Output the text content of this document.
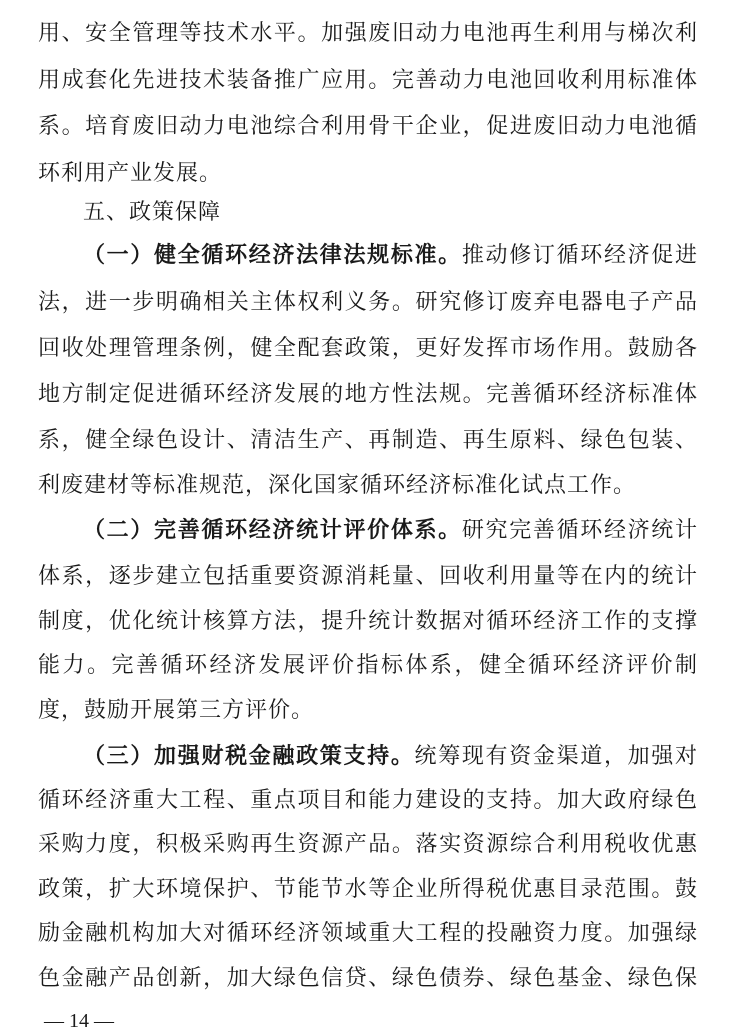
用、安全管理等技术水平。加强废旧动力电池再生利用与梯次利
用成套化先进技术装备推广应用。完善动力电池回收利用标准体
系。培育废旧动力电池综合利用骨干企业，促进废旧动力电池循
环利用产业发展。
五、政策保障
（一）健全循环经济法律法规标准。推动修订循环经济促进
法，进一步明确相关主体权利义务。研究修订废弃电器电子产品
回收处理管理条例，健全配套政策，更好发挥市场作用。鼓励各
地方制定促进循环经济发展的地方性法规。完善循环经济标准体
系，健全绿色设计、清洁生产、再制造、再生原料、绿色包装、
利废建材等标准规范，深化国家循环经济标准化试点工作。
（二）完善循环经济统计评价体系。研究完善循环经济统计
体系，逐步建立包括重要资源消耗量、回收利用量等在内的统计
制度，优化统计核算方法，提升统计数据对循环经济工作的支撑
能力。完善循环经济发展评价指标体系，健全循环经济评价制
度，鼓励开展第三方评价。
（三）加强财税金融政策支持。统筹现有资金渠道，加强对
循环经济重大工程、重点项目和能力建设的支持。加大政府绿色
采购力度，积极采购再生资源产品。落实资源综合利用税收优惠
政策，扩大环境保护、节能节水等企业所得税优惠目录范围。鼓
励金融机构加大对循环经济领域重大工程的投融资力度。加强绿
色金融产品创新，加大绿色信贷、绿色债券、绿色基金、绿色保
— 14 —
